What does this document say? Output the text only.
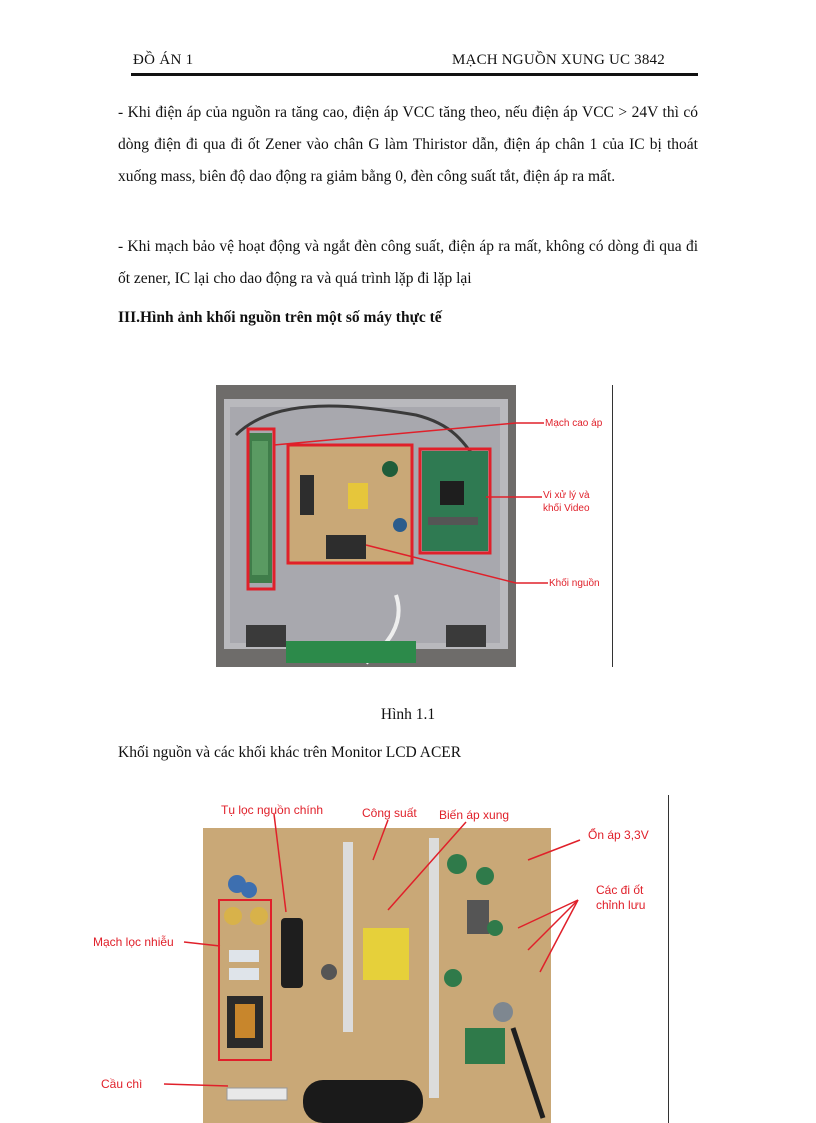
ĐỒ ÁN 1	MẠCH NGUỒN XUNG UC 3842
- Khi điện áp của nguồn ra tăng cao, điện áp VCC tăng theo, nếu điện áp VCC > 24V thì có dòng điện đi qua đi ốt Zener vào chân G làm Thiristor dẫn, điện áp chân 1 của IC bị thoát xuống mass, biên độ dao động ra giảm bằng 0, đèn công suất tắt, điện áp ra mất.
- Khi mạch bảo vệ hoạt động và ngắt đèn công suất, điện áp ra mất, không có dòng đi qua đi ốt zener, IC lại cho dao động ra và quá trình lặp đi lặp lại
III.Hình ảnh khối nguồn trên một số máy thực tế
Mạch cao áp
Vi xử lý và
khối Video
Khối nguồn
Hình 1.1
Khối nguồn và các khối khác trên Monitor LCD ACER
Tụ lọc nguồn chính	Công suất Biến áp xung
Ổn áp 3,3V
Các đi ốt
chỉnh lưu
Mạch lọc nhiễu
Cầu chì
